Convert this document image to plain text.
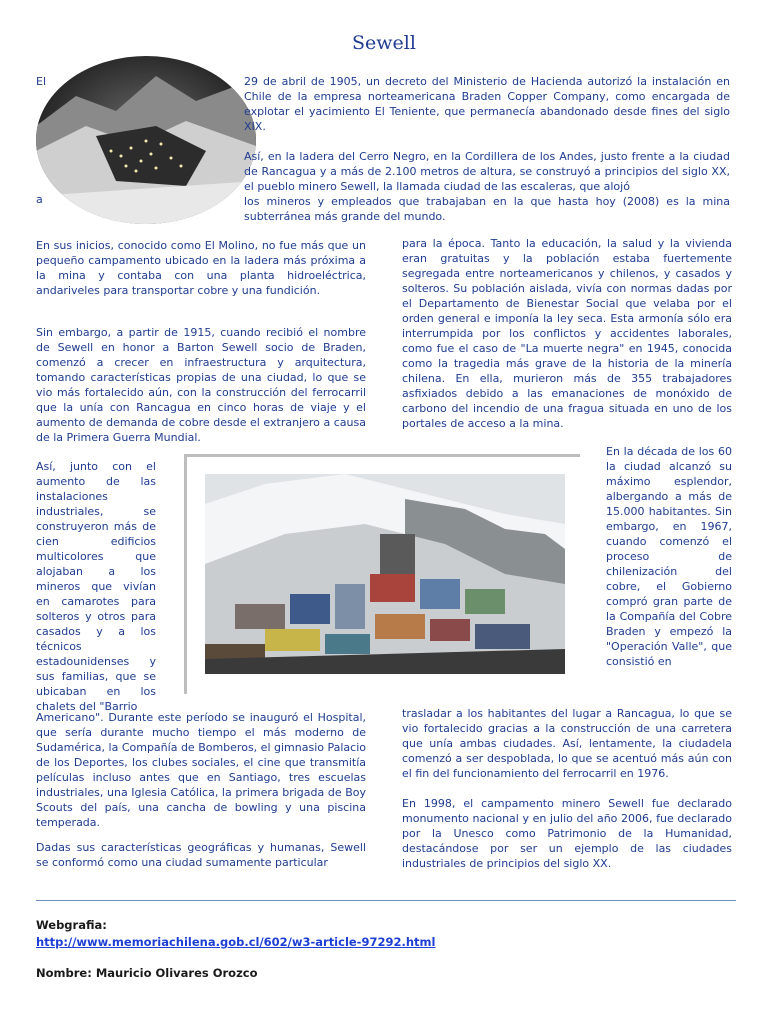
Sewell
El	29 de abril de 1905, un decreto del Ministerio de Hacienda autorizó la instalación en Chile de la empresa norteamericana Braden Copper Company, como encargada de explotar el yacimiento El Teniente, que permanecía abandonado desde fines del siglo XIX.

Así, en la ladera del Cerro Negro, en la Cordillera de los Andes, justo frente a la ciudad de Rancagua y a más de 2.100 metros de altura, se construyó a principios del siglo XX, el pueblo minero Sewell, la llamada ciudad de las escaleras, que alojó

a	los mineros y empleados que trabajaban en la que hasta hoy (2008) es la mina subterránea más grande del mundo.

En sus inicios, conocido como El Molino, no fue más que un pequeño campamento ubicado en la ladera más próxima a la mina y contaba con una planta hidroeléctrica, andariveles para transportar cobre y una fundición.

Sin embargo, a partir de 1915, cuando recibió el nombre de Sewell en honor a Barton Sewell socio de Braden, comenzó a crecer en infraestructura y arquitectura, tomando características propias de una ciudad, lo que se vio más fortalecido aún, con la construcción del ferrocarril que la unía con Rancagua en cinco horas de viaje y el aumento de demanda de cobre desde el extranjero a causa de la Primera Guerra Mundial.

Así, junto con el aumento de las instalaciones industriales, se construyeron más de cien edificios multicolores que alojaban a los mineros que vivían en camarotes para solteros y otros para casados y a los técnicos estadounidenses y sus familias, que se ubicaban en los chalets del "Barrio

Americano". Durante este período se inauguró el Hospital, que sería durante mucho tiempo el más moderno de Sudamérica, la Compañía de Bomberos, el gimnasio Palacio de los Deportes, los clubes sociales, el cine que transmitía películas incluso antes que en Santiago, tres escuelas industriales, una Iglesia Católica, la primera brigada de Boy Scouts del país, una cancha de bowling y una piscina temperada.

Dadas sus características geográficas y humanas, Sewell se conformó como una ciudad sumamente particular

para la época. Tanto la educación, la salud y la vivienda eran gratuitas y la población estaba fuertemente segregada entre norteamericanos y chilenos, y casados y solteros. Su población aislada, vivía con normas dadas por el Departamento de Bienestar Social que velaba por el orden general e imponía la ley seca. Esta armonía sólo era interrumpida por los conflictos y accidentes laborales, como fue el caso de "La muerte negra" en 1945, conocida como la tragedia más grave de la historia de la minería chilena. En ella, murieron más de 355 trabajadores asfixiados debido a las emanaciones de monóxido de carbono del incendio de una fragua situada en uno de los portales de acceso a la mina.

En la década de los 60 la ciudad alcanzó su máximo esplendor, albergando a más de 15.000 habitantes. Sin embargo, en 1967, cuando comenzó el proceso de chilenización del cobre, el Gobierno compró gran parte de la Compañía del Cobre Braden y empezó la "Operación Valle", que consistió en

trasladar a los habitantes del lugar a Rancagua, lo que se vio fortalecido gracias a la construcción de una carretera que unía ambas ciudades. Así, lentamente, la ciudadela comenzó a ser despoblada, lo que se acentuó más aún con el fin del funcionamiento del ferrocarril en 1976.

En 1998, el campamento minero Sewell fue declarado monumento nacional y en julio del año 2006, fue declarado por la Unesco como Patrimonio de la Humanidad, destacándose por ser un ejemplo de las ciudades industriales de principios del siglo XX.

Webgrafia:
http://www.memoriachilena.gob.cl/602/w3-article-97292.html
Nombre: Mauricio Olivares Orozco
